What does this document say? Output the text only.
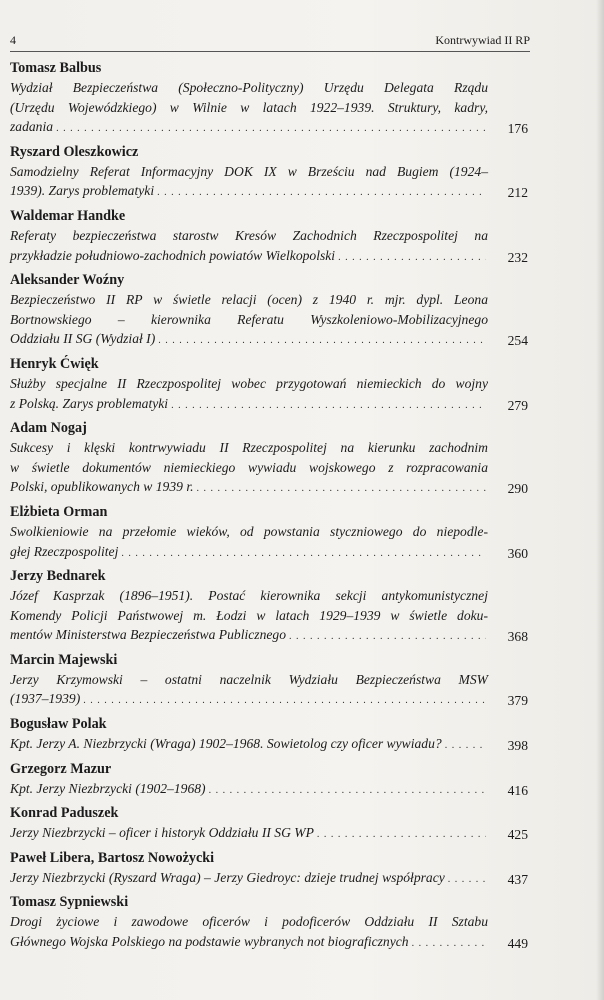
4	Kontrwywiad II RP
Tomasz Balbus
Wydział Bezpieczeństwa (Społeczno-Polityczny) Urzędu Delegata Rządu
(Urzędu Wojewódzkiego) w Wilnie w latach 1922–1939. Struktury, kadry,
zadania . . .	176
Ryszard Oleszkowicz
Samodzielny Referat Informacyjny DOK IX w Brześciu nad Bugiem (1924–
1939). Zarys problematyki . . .	212
Waldemar Handke
Referaty bezpieczeństwa starostw Kresów Zachodnich Rzeczpospolitej na
przykładzie południowo-zachodnich powiatów Wielkopolski . . .	232
Aleksander Woźny
Bezpieczeństwo II RP w świetle relacji (ocen) z 1940 r. mjr. dypl. Leona
Bortnowskiego – kierownika Referatu Wyszkoleniowo-Mobilizacyjnego
Oddziału II SG (Wydział I) . . .	254
Henryk Ćwięk
Służby specjalne II Rzeczpospolitej wobec przygotowań niemieckich do wojny
z Polską. Zarys problematyki . . .	279
Adam Nogaj
Sukcesy i klęski kontrwywiadu II Rzeczpospolitej na kierunku zachodnim
w świetle dokumentów niemieckiego wywiadu wojskowego z rozpracowania
Polski, opublikowanych w 1939 r. . . .	290
Elżbieta Orman
Swolkieniowie na przełomie wieków, od powstania styczniowego do niepodle-
głej Rzeczpospolitej . . .	360
Jerzy Bednarek
Józef Kasprzak (1896–1951). Postać kierownika sekcji antykomunistycznej
Komendy Policji Państwowej m. Łodzi w latach 1929–1939 w świetle doku-
mentów Ministerstwa Bezpieczeństwa Publicznego . . .	368
Marcin Majewski
Jerzy Krzymowski – ostatni naczelnik Wydziału Bezpieczeństwa MSW
(1937–1939) . . .	379
Bogusław Polak
Kpt. Jerzy A. Niezbrzycki (Wraga) 1902–1968. Sowietolog czy oficer wywiadu? . . .	398
Grzegorz Mazur
Kpt. Jerzy Niezbrzycki (1902–1968) . . .	416
Konrad Paduszek
Jerzy Niezbrzycki – oficer i historyk Oddziału II SG WP . . .	425
Paweł Libera, Bartosz Nowożycki
Jerzy Niezbrzycki (Ryszard Wraga) – Jerzy Giedroyc: dzieje trudnej współpracy . . .	437
Tomasz Sypniewski
Drogi życiowe i zawodowe oficerów i podoficerów Oddziału II Sztabu
Głównego Wojska Polskiego na podstawie wybranych not biograficznych . . .	449
